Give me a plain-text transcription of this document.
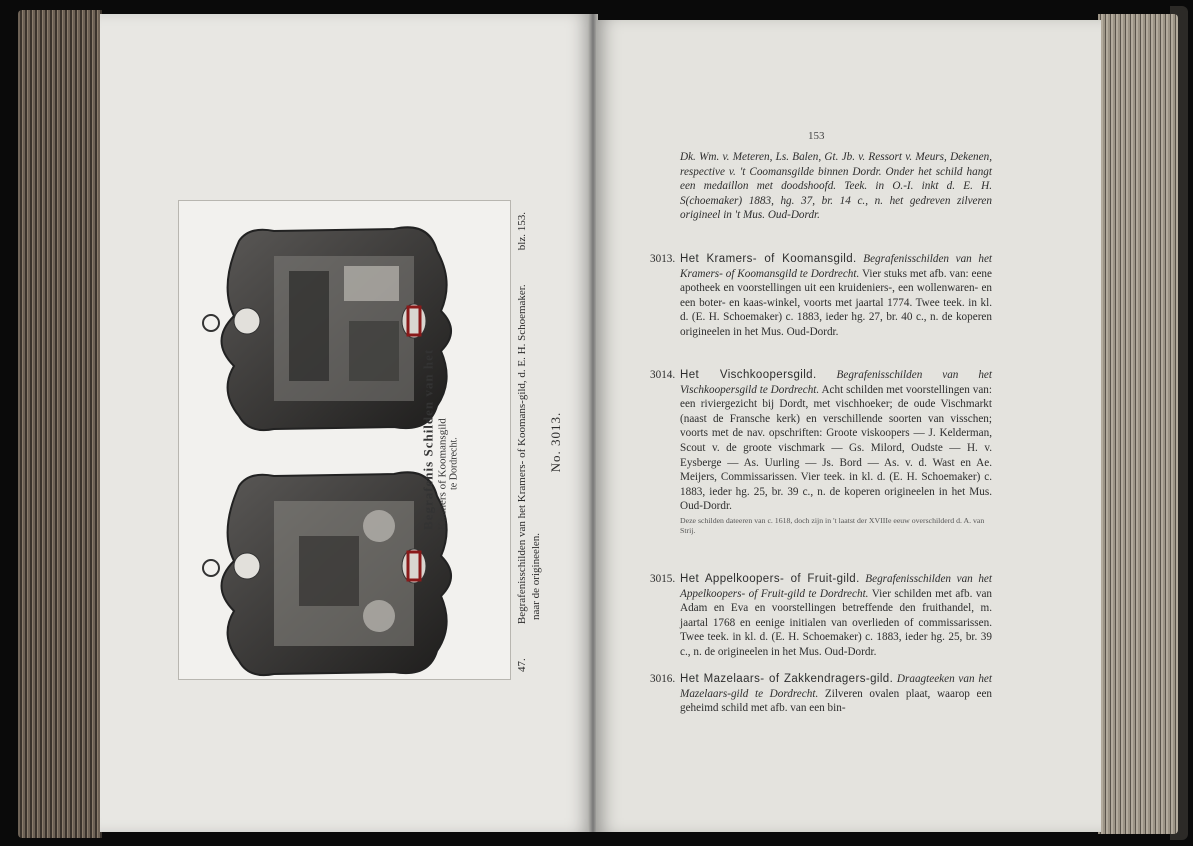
Begrafenis Schilden van het Kramers of Koomansgild te Dordrecht.
47.
Begrafenisschilden van het Kramers- of Koomans-gild, d. E. H. Schoemaker.
blz. 153.
naar de origineelen.
No. 3013.
153

Dk. Wm. v. Meteren, Ls. Balen, Gt. Jb. v. Ressort v. Meurs, Dekenen, respective v. 't Coomansgilde binnen Dordr. Onder het schild hangt een medaillon met doodshoofd. Teek. in O.-I. inkt d. E. H. S(choemaker) 1883, hg. 37, br. 14 c., n. het gedreven zilveren origineel in 't Mus. Oud-Dordr.

3013. Het Kramers- of Koomansgild. Begrafenisschilden van het Kramers- of Koomansgild te Dordrecht. Vier stuks met afb. van: eene apotheek en voorstellingen uit een kruideniers-, een wollenwaren- en een boter- en kaas-winkel, voorts met jaartal 1774. Twee teek. in kl. d. (E. H. Schoemaker) c. 1883, ieder hg. 27, br. 40 c., n. de koperen origineelen in het Mus. Oud-Dordr.

3014. Het Vischkoopersgild. Begrafenisschilden van het Vischkoopersgild te Dordrecht. Acht schilden met voorstellingen van: een riviergezicht bij Dordt, met vischhoeker; de oude Vischmarkt (naast de Fransche kerk) en verschillende soorten van visschen; voorts met de nav. opschriften: Groote viskoopers — J. Kelderman, Scout v. de groote vischmark — Gs. Milord, Oudste — H. v. Eysberge — As. Uurling — Js. Bord — As. v. d. Wast en Ae. Meijers, Commissarissen. Vier teek. in kl. d. (E. H. Schoemaker) c. 1883, ieder hg. 25, br. 39 c., n. de koperen origineelen in het Mus. Oud-Dordr.

Deze schilden dateeren van c. 1618, doch zijn in 't laatst der XVIIIe eeuw overschilderd d. A. van Strij.
3015. Het Appelkoopers- of Fruit-gild. Begrafenisschilden van het Appelkoopers- of Fruit-gild te Dordrecht. Vier schilden met afb. van Adam en Eva en voorstellingen betreffende den fruithandel, m. jaartal 1768 en eenige initialen van overlieden of commissarissen. Twee teek. in kl. d. (E. H. Schoemaker) c. 1883, ieder hg. 25, br. 39 c., n. de origineelen in het Mus. Oud-Dordr.

3016. Het Mazelaars- of Zakkendragers-gild. Draagteeken van het Mazelaars-gild te Dordrecht. Zilveren ovalen plaat, waarop een geheimd schild met afb. van een bin-
